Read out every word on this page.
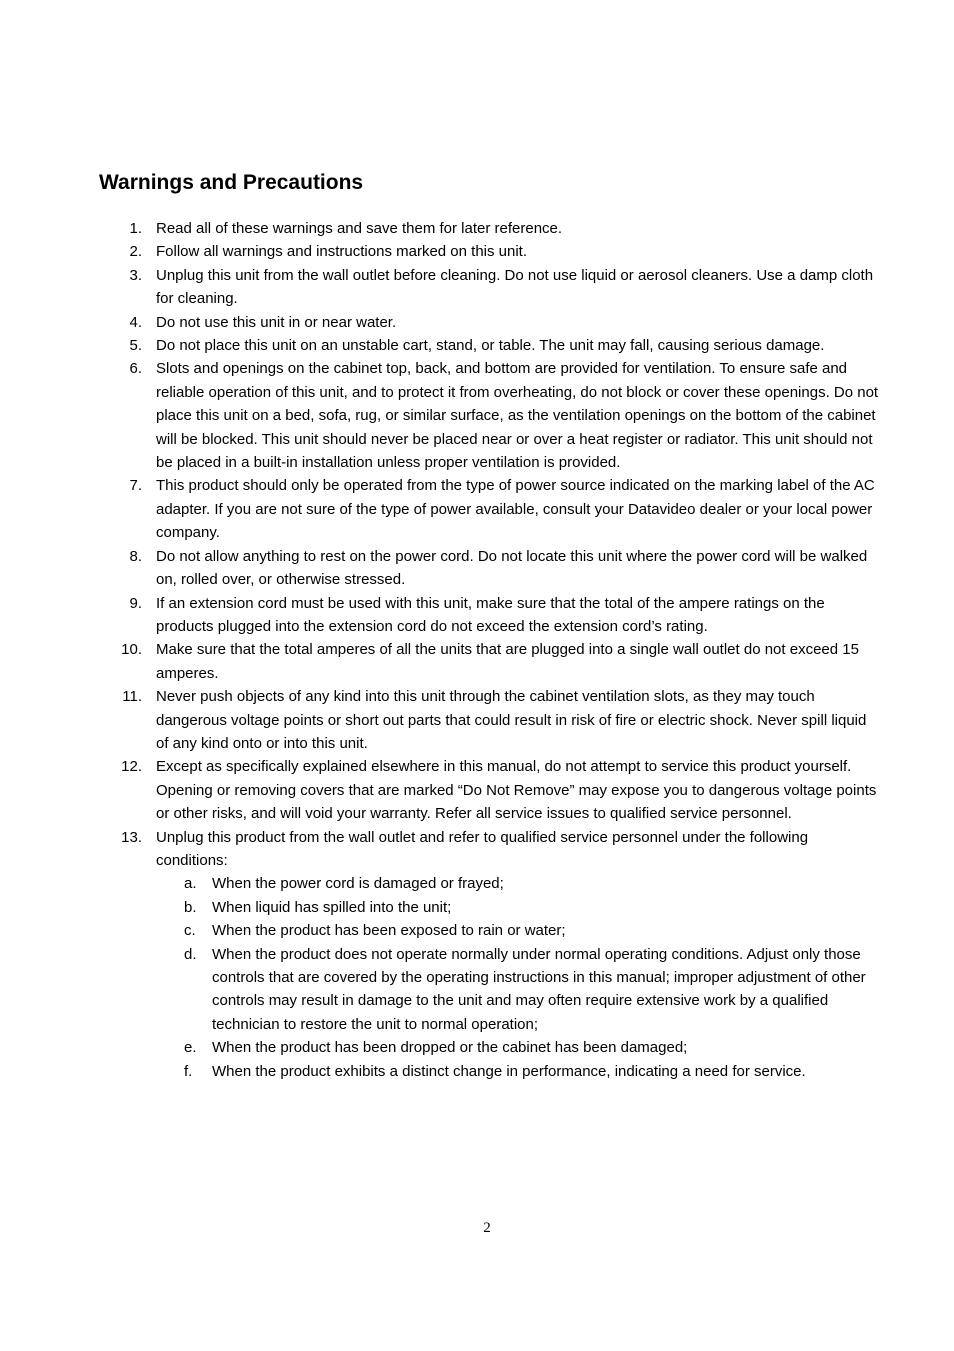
Warnings and Precautions
1. Read all of these warnings and save them for later reference.
2. Follow all warnings and instructions marked on this unit.
3. Unplug this unit from the wall outlet before cleaning. Do not use liquid or aerosol cleaners. Use a damp cloth for cleaning.
4. Do not use this unit in or near water.
5. Do not place this unit on an unstable cart, stand, or table. The unit may fall, causing serious damage.
6. Slots and openings on the cabinet top, back, and bottom are provided for ventilation. To ensure safe and reliable operation of this unit, and to protect it from overheating, do not block or cover these openings. Do not place this unit on a bed, sofa, rug, or similar surface, as the ventilation openings on the bottom of the cabinet will be blocked. This unit should never be placed near or over a heat register or radiator. This unit should not be placed in a built-in installation unless proper ventilation is provided.
7. This product should only be operated from the type of power source indicated on the marking label of the AC adapter. If you are not sure of the type of power available, consult your Datavideo dealer or your local power company.
8. Do not allow anything to rest on the power cord. Do not locate this unit where the power cord will be walked on, rolled over, or otherwise stressed.
9. If an extension cord must be used with this unit, make sure that the total of the ampere ratings on the products plugged into the extension cord do not exceed the extension cord’s rating.
10. Make sure that the total amperes of all the units that are plugged into a single wall outlet do not exceed 15 amperes.
11. Never push objects of any kind into this unit through the cabinet ventilation slots, as they may touch dangerous voltage points or short out parts that could result in risk of fire or electric shock. Never spill liquid of any kind onto or into this unit.
12. Except as specifically explained elsewhere in this manual, do not attempt to service this product yourself. Opening or removing covers that are marked “Do Not Remove” may expose you to dangerous voltage points or other risks, and will void your warranty. Refer all service issues to qualified service personnel.
13. Unplug this product from the wall outlet and refer to qualified service personnel under the following conditions:
a. When the power cord is damaged or frayed;
b. When liquid has spilled into the unit;
c. When the product has been exposed to rain or water;
d. When the product does not operate normally under normal operating conditions. Adjust only those controls that are covered by the operating instructions in this manual; improper adjustment of other controls may result in damage to the unit and may often require extensive work by a qualified technician to restore the unit to normal operation;
e. When the product has been dropped or the cabinet has been damaged;
f. When the product exhibits a distinct change in performance, indicating a need for service.
2
